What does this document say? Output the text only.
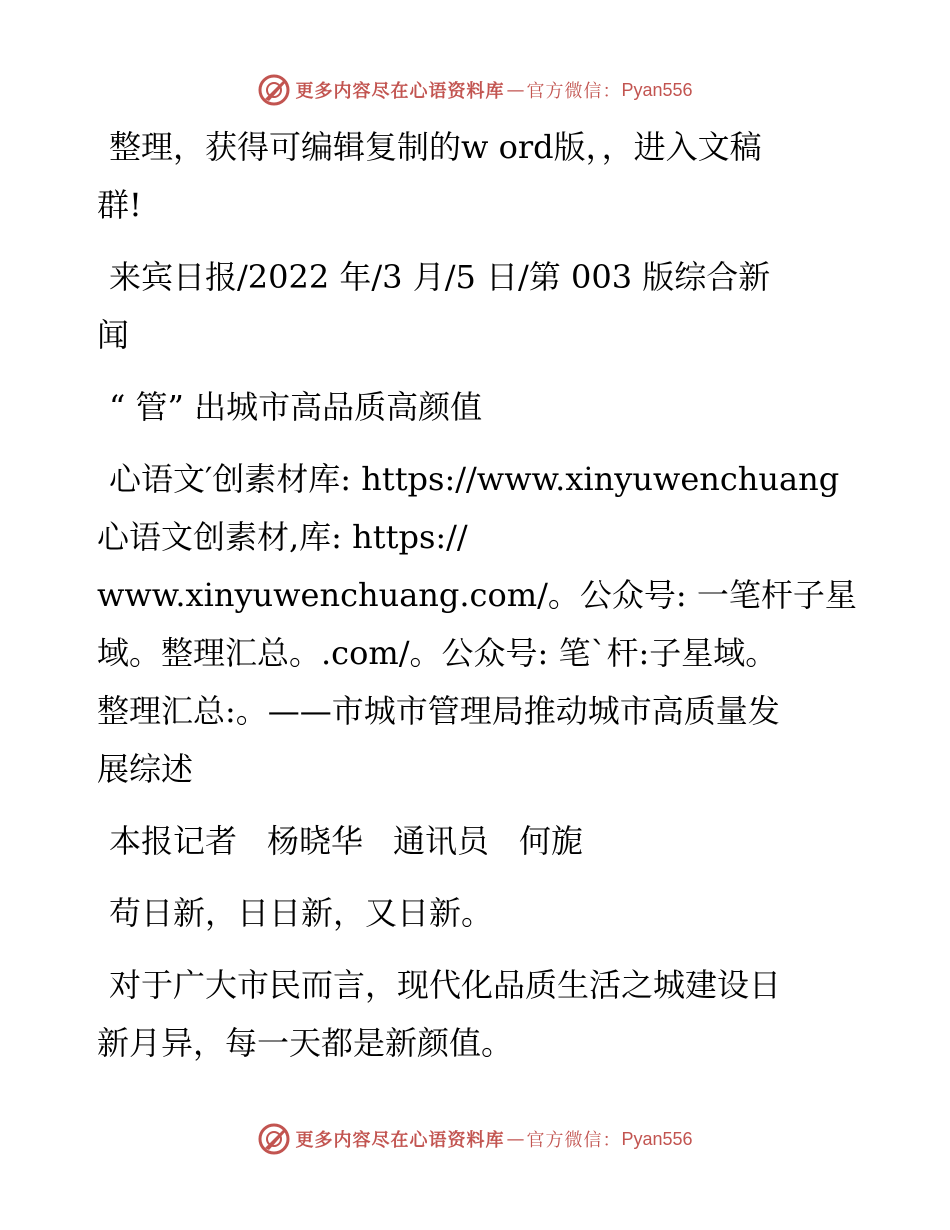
更多内容尽在心语资料库 — 官方微信： Pyan556

整理，获得可编辑复制的w ord版，，进入文稿
群!

来宾日报/2022 年/3 月/5 日/第 003 版综合新
闻

“ 管” 出城市高品质高颜值

心语文′创素材库: https://www.xinyuwenchuang
心语文创素材,库: https://
www.xinyuwenchuang.com/。公众号: 一笔杆子星
域。整理汇总。.com/。公众号: 笔`杆:子星域。
整理汇总:。——市城市管理局推动城市高质量发
展综述

本报记者 杨晓华 通讯员 何旎

苟日新，日日新，又日新。

对于广大市民而言，现代化品质生活之城建设日
新月异，每一天都是新颜值。

更多内容尽在心语资料库 — 官方微信： Pyan556
